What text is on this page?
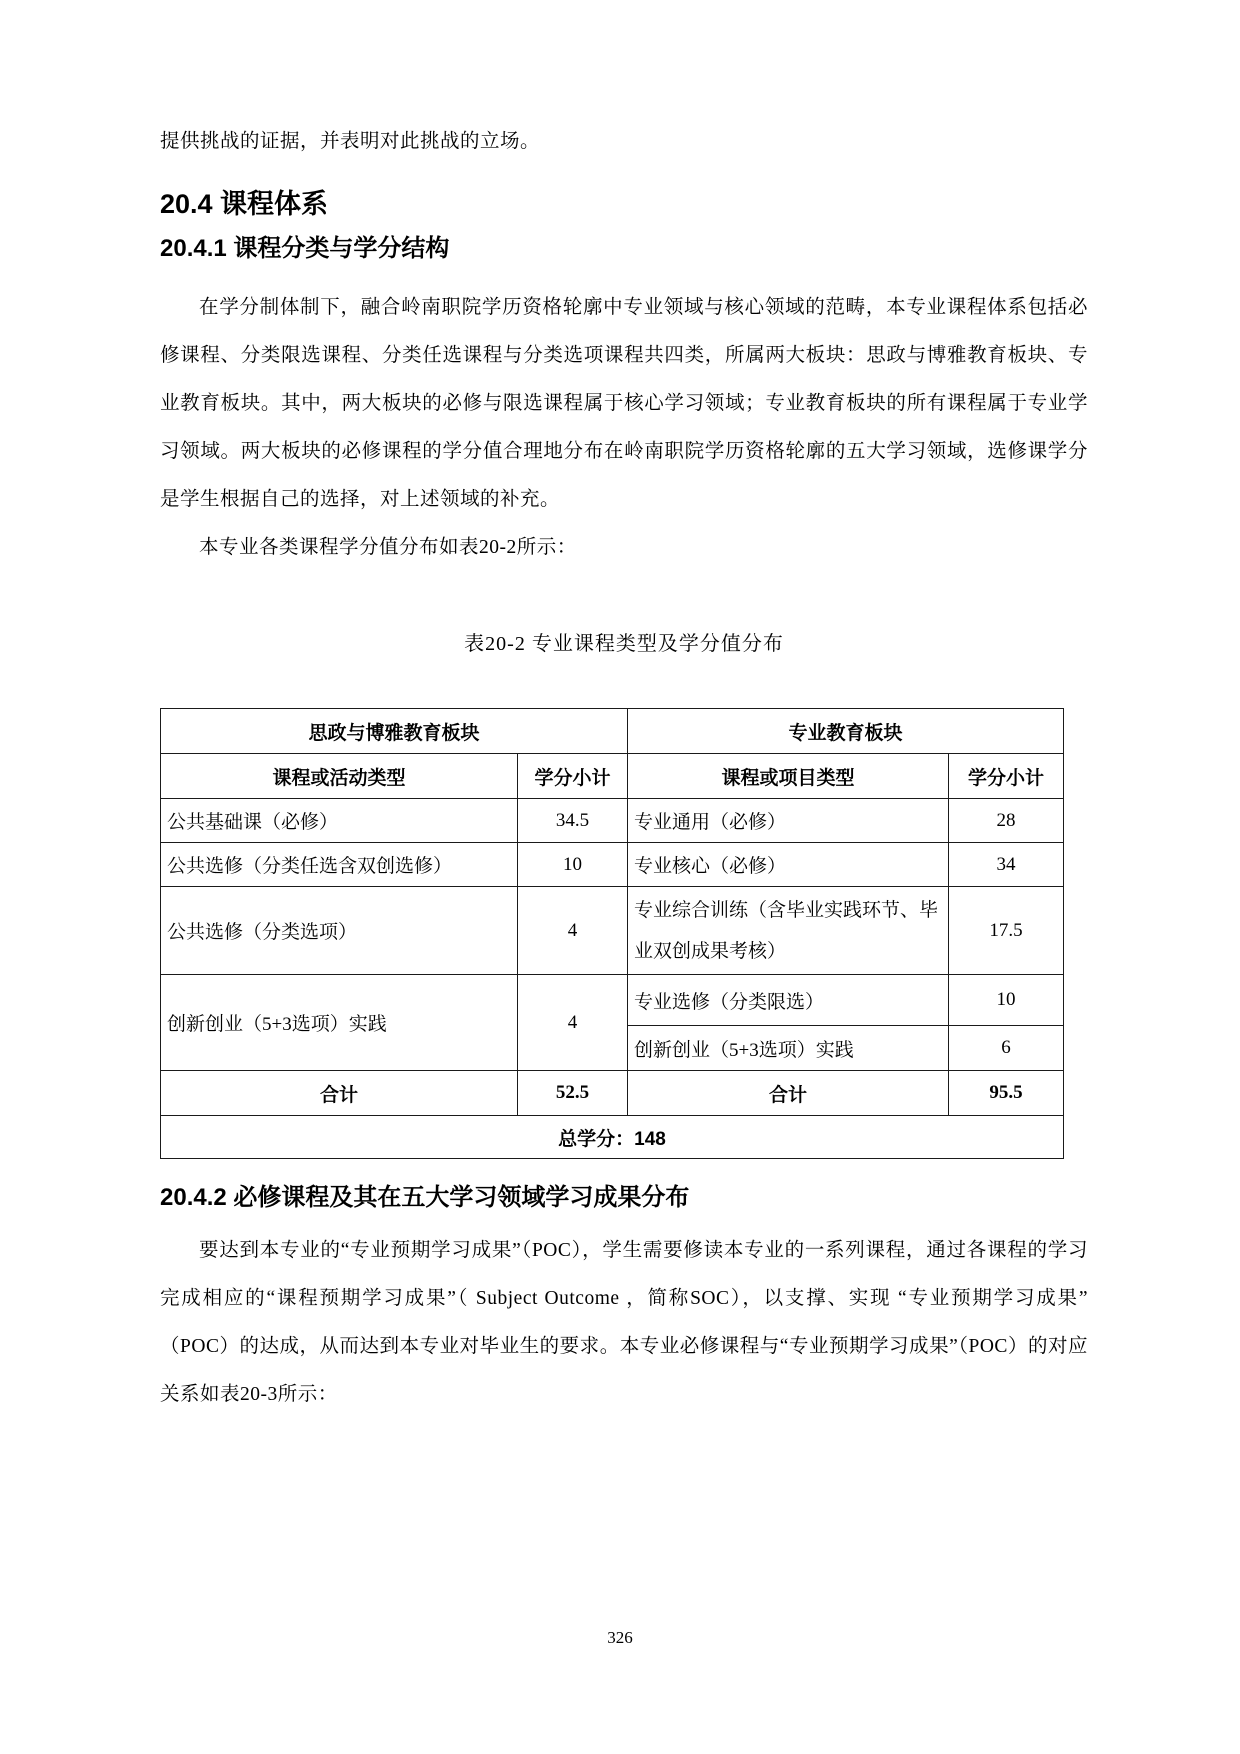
提供挑战的证据，并表明对此挑战的立场。

20.4 课程体系
20.4.1 课程分类与学分结构

在学分制体制下，融合岭南职院学历资格轮廓中专业领域与核心领域的范畴，本专业课程体系包括必修课程、分类限选课程、分类任选课程与分类选项课程共四类，所属两大板块：思政与博雅教育板块、专业教育板块。其中，两大板块的必修与限选课程属于核心学习领域；专业教育板块的所有课程属于专业学习领域。两大板块的必修课程的学分值合理地分布在岭南职院学历资格轮廓的五大学习领域，选修课学分是学生根据自己的选择，对上述领域的补充。

本专业各类课程学分值分布如表20-2所示：

表20-2 专业课程类型及学分值分布

思政与博雅教育板块		专业教育板块	
课程或活动类型	学分小计	课程或项目类型	学分小计
公共基础课（必修）	34.5	专业通用（必修）	28
公共选修（分类任选含双创选修）	10	专业核心（必修）	34
公共选修（分类选项）	4	专业综合训练（含毕业实践环节、毕业双创成果考核）	17.5
创新创业（5+3选项）实践	4	专业选修（分类限选）	10
		创新创业（5+3选项）实践	6
合计	52.5	合计	95.5
总学分：148			
20.4.2 必修课程及其在五大学习领域学习成果分布

要达到本专业的“专业预期学习成果”（POC），学生需要修读本专业的一系列课程，通过各课程的学习完成相应的“课程预期学习成果”（ Subject Outcome ，简称SOC），以支撑、实现 “专业预期学习成果”（POC）的达成，从而达到本专业对毕业生的要求。本专业必修课程与“专业预期学习成果”（POC）的对应关系如表20-3所示：

326
